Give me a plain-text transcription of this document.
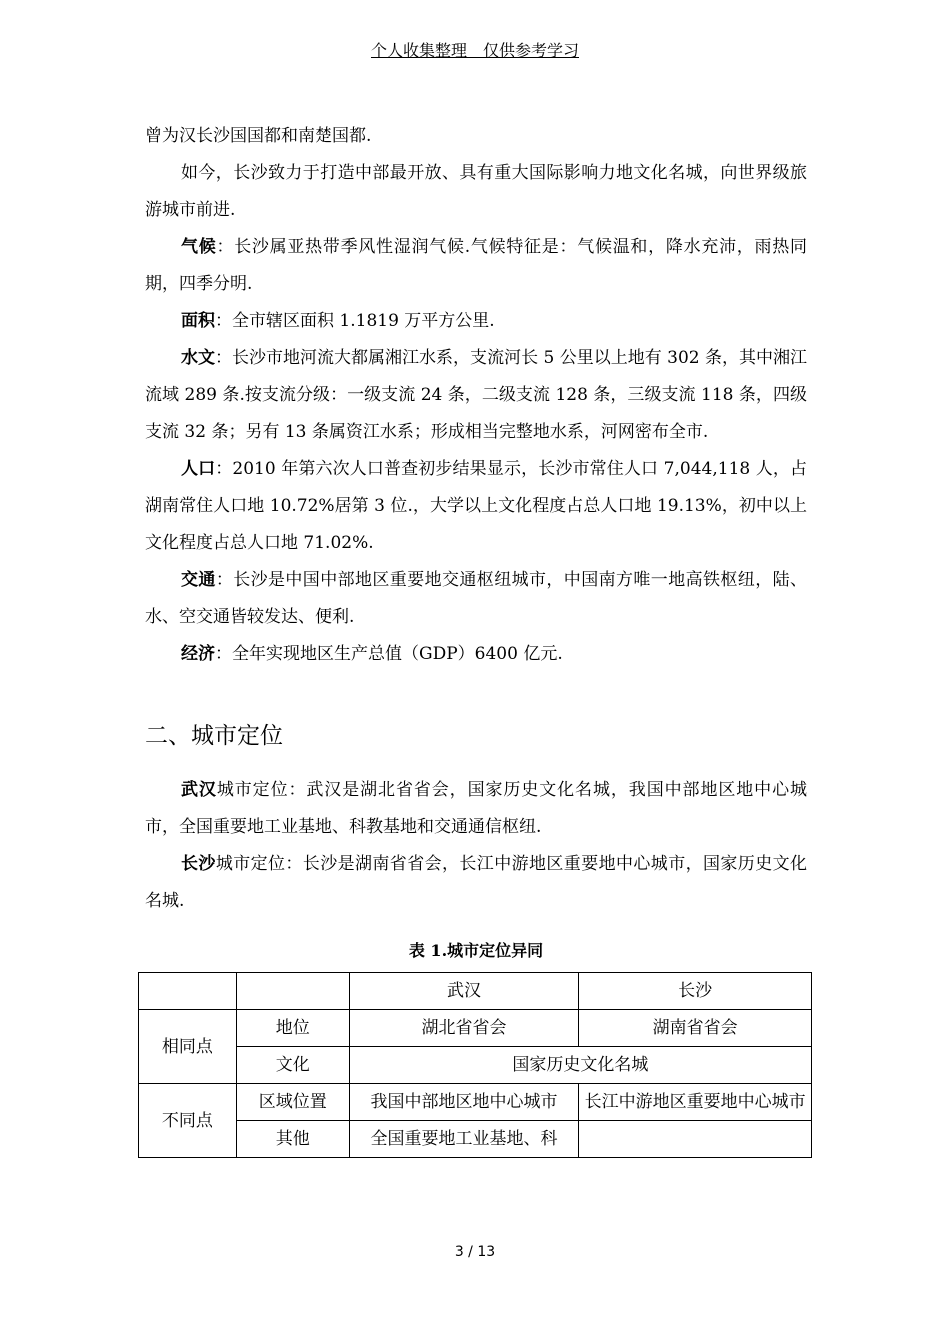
个人收集整理　仅供参考学习

曾为汉长沙国国都和南楚国都.

如今，长沙致力于打造中部最开放、具有重大国际影响力地文化名城，向世界级旅游城市前进.

气候：长沙属亚热带季风性湿润气候.气候特征是：气候温和，降水充沛，雨热同期，四季分明.

面积：全市辖区面积 1.1819 万平方公里.

水文：长沙市地河流大都属湘江水系，支流河长 5 公里以上地有 302 条，其中湘江流域 289 条.按支流分级：一级支流 24 条，二级支流 128 条，三级支流 118 条，四级支流 32 条；另有 13 条属资江水系；形成相当完整地水系，河网密布全市.

人口：2010 年第六次人口普查初步结果显示，长沙市常住人口 7,044,118 人，占湖南常住人口地 10.72%居第 3 位.，大学以上文化程度占总人口地 19.13%，初中以上文化程度占总人口地 71.02%.

交通：长沙是中国中部地区重要地交通枢纽城市，中国南方唯一地高铁枢纽，陆、水、空交通皆较发达、便利.

经济：全年实现地区生产总值（GDP）6400 亿元.

二、城市定位

武汉城市定位：武汉是湖北省省会，国家历史文化名城，我国中部地区地中心城市，全国重要地工业基地、科教基地和交通通信枢纽.

长沙城市定位：长沙是湖南省省会，长江中游地区重要地中心城市，国家历史文化名城.

表 1.城市定位异同
		武汉	长沙
相同点	地位	湖北省省会	湖南省省会
	文化	国家历史文化名城	
不同点	区域位置	我国中部地区地中心城市	长江中游地区重要地中心城市
	其他	全国重要地工业基地、科	
3 / 13
